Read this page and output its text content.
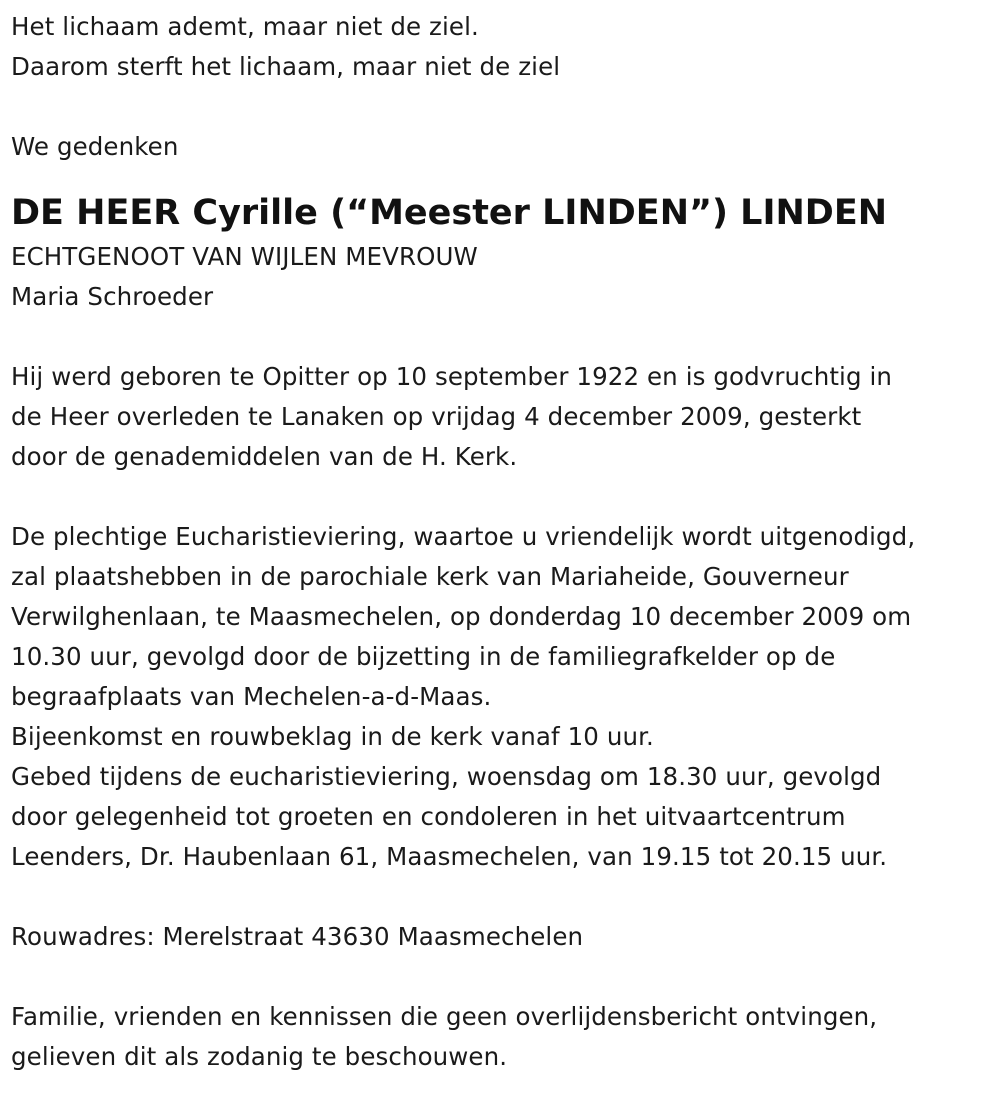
Het lichaam ademt, maar niet de ziel.
Daarom sterft het lichaam, maar niet de ziel
We gedenken
DE HEER Cyrille (“Meester LINDEN”) LINDEN
ECHTGENOOT VAN WIJLEN MEVROUW
Maria Schroeder
Hij werd geboren te Opitter op 10 september 1922 en is godvruchtig in
de Heer overleden te Lanaken op vrijdag 4 december 2009, gesterkt
door de genademiddelen van de H. Kerk.
De plechtige Eucharistieviering, waartoe u vriendelijk wordt uitgenodigd,
zal plaatshebben in de parochiale kerk van Mariaheide, Gouverneur
Verwilghenlaan, te Maasmechelen, op donderdag 10 december 2009 om
10.30 uur, gevolgd door de bijzetting in de familiegrafkelder op de
begraafplaats van Mechelen-a-d-Maas.
Bijeenkomst en rouwbeklag in de kerk vanaf 10 uur.
Gebed tijdens de eucharistieviering, woensdag om 18.30 uur, gevolgd
door gelegenheid tot groeten en condoleren in het uitvaartcentrum
Leenders, Dr. Haubenlaan 61, Maasmechelen, van 19.15 tot 20.15 uur.
Rouwadres: Merelstraat 43630 Maasmechelen
Familie, vrienden en kennissen die geen overlijdensbericht ontvingen,
gelieven dit als zodanig te beschouwen.
